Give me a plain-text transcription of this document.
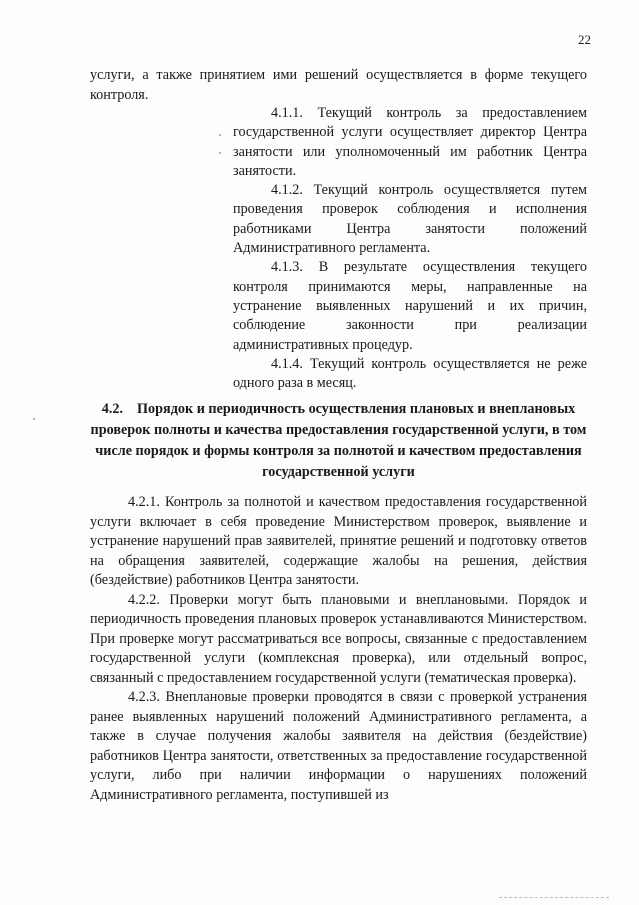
22
услуги, а также принятием ими решений осуществляется в форме текущего контроля.

4.1.1. Текущий контроль за предоставлением государственной услуги осуществляет директор Центра занятости или уполномоченный им работник Центра занятости.

4.1.2. Текущий контроль осуществляется путем проведения проверок соблюдения и исполнения работниками Центра занятости положений Административного регламента.

4.1.3. В результате осуществления текущего контроля принимаются меры, направленные на устранение выявленных нарушений и их причин, соблюдение законности при реализации административных процедур.

4.1.4. Текущий контроль осуществляется не реже одного раза в месяц.

4.2. Порядок и периодичность осуществления плановых и внеплановых проверок полноты и качества предоставления государственной услуги, в том числе порядок и формы контроля за полнотой и качеством предоставления государственной услуги

4.2.1. Контроль за полнотой и качеством предоставления государственной услуги включает в себя проведение Министерством проверок, выявление и устранение нарушений прав заявителей, принятие решений и подготовку ответов на обращения заявителей, содержащие жалобы на решения, действия (бездействие) работников Центра занятости.

4.2.2. Проверки могут быть плановыми и внеплановыми. Порядок и периодичность проведения плановых проверок устанавливаются Министерством. При проверке могут рассматриваться все вопросы, связанные с предоставлением государственной услуги (комплексная проверка), или отдельный вопрос, связанный с предоставлением государственной услуги (тематическая проверка).

4.2.3. Внеплановые проверки проводятся в связи с проверкой устранения ранее выявленных нарушений положений Административного регламента, а также в случае получения жалобы заявителя на действия (бездействие) работников Центра занятости, ответственных за предоставление государственной услуги, либо при наличии информации о нарушениях положений Административного регламента, поступившей из
